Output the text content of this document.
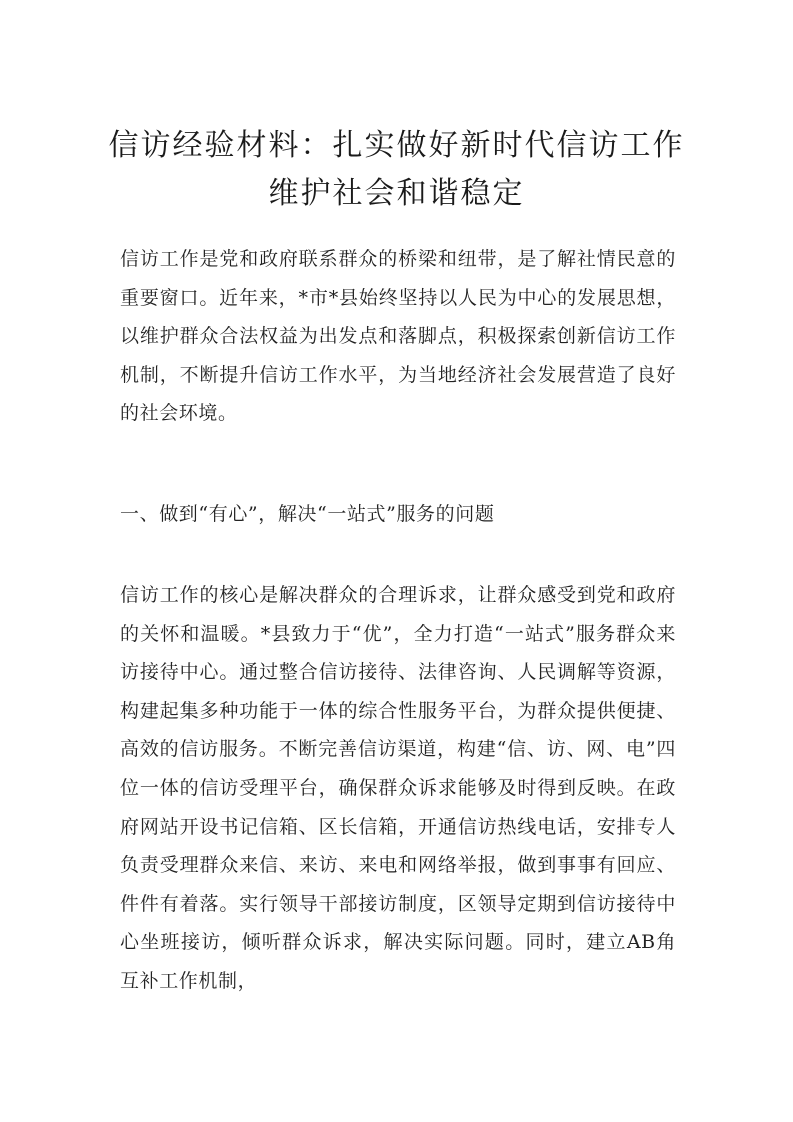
信访经验材料：扎实做好新时代信访工作
维护社会和谐稳定
信访工作是党和政府联系群众的桥梁和纽带，是了解社情民意的重要窗口。近年来，*市*县始终坚持以人民为中心的发展思想，以维护群众合法权益为出发点和落脚点，积极探索创新信访工作机制，不断提升信访工作水平，为当地经济社会发展营造了良好的社会环境。
一、做到“有心”，解决“一站式”服务的问题
信访工作的核心是解决群众的合理诉求，让群众感受到党和政府的关怀和温暖。*县致力于“优”，全力打造“一站式”服务群众来访接待中心。通过整合信访接待、法律咨询、人民调解等资源，构建起集多种功能于一体的综合性服务平台，为群众提供便捷、高效的信访服务。不断完善信访渠道，构建“信、访、网、电”四位一体的信访受理平台，确保群众诉求能够及时得到反映。在政府网站开设书记信箱、区长信箱，开通信访热线电话，安排专人负责受理群众来信、来访、来电和网络举报，做到事事有回应、件件有着落。实行领导干部接访制度，区领导定期到信访接待中心坐班接访，倾听群众诉求，解决实际问题。同时，建立AB角互补工作机制，
